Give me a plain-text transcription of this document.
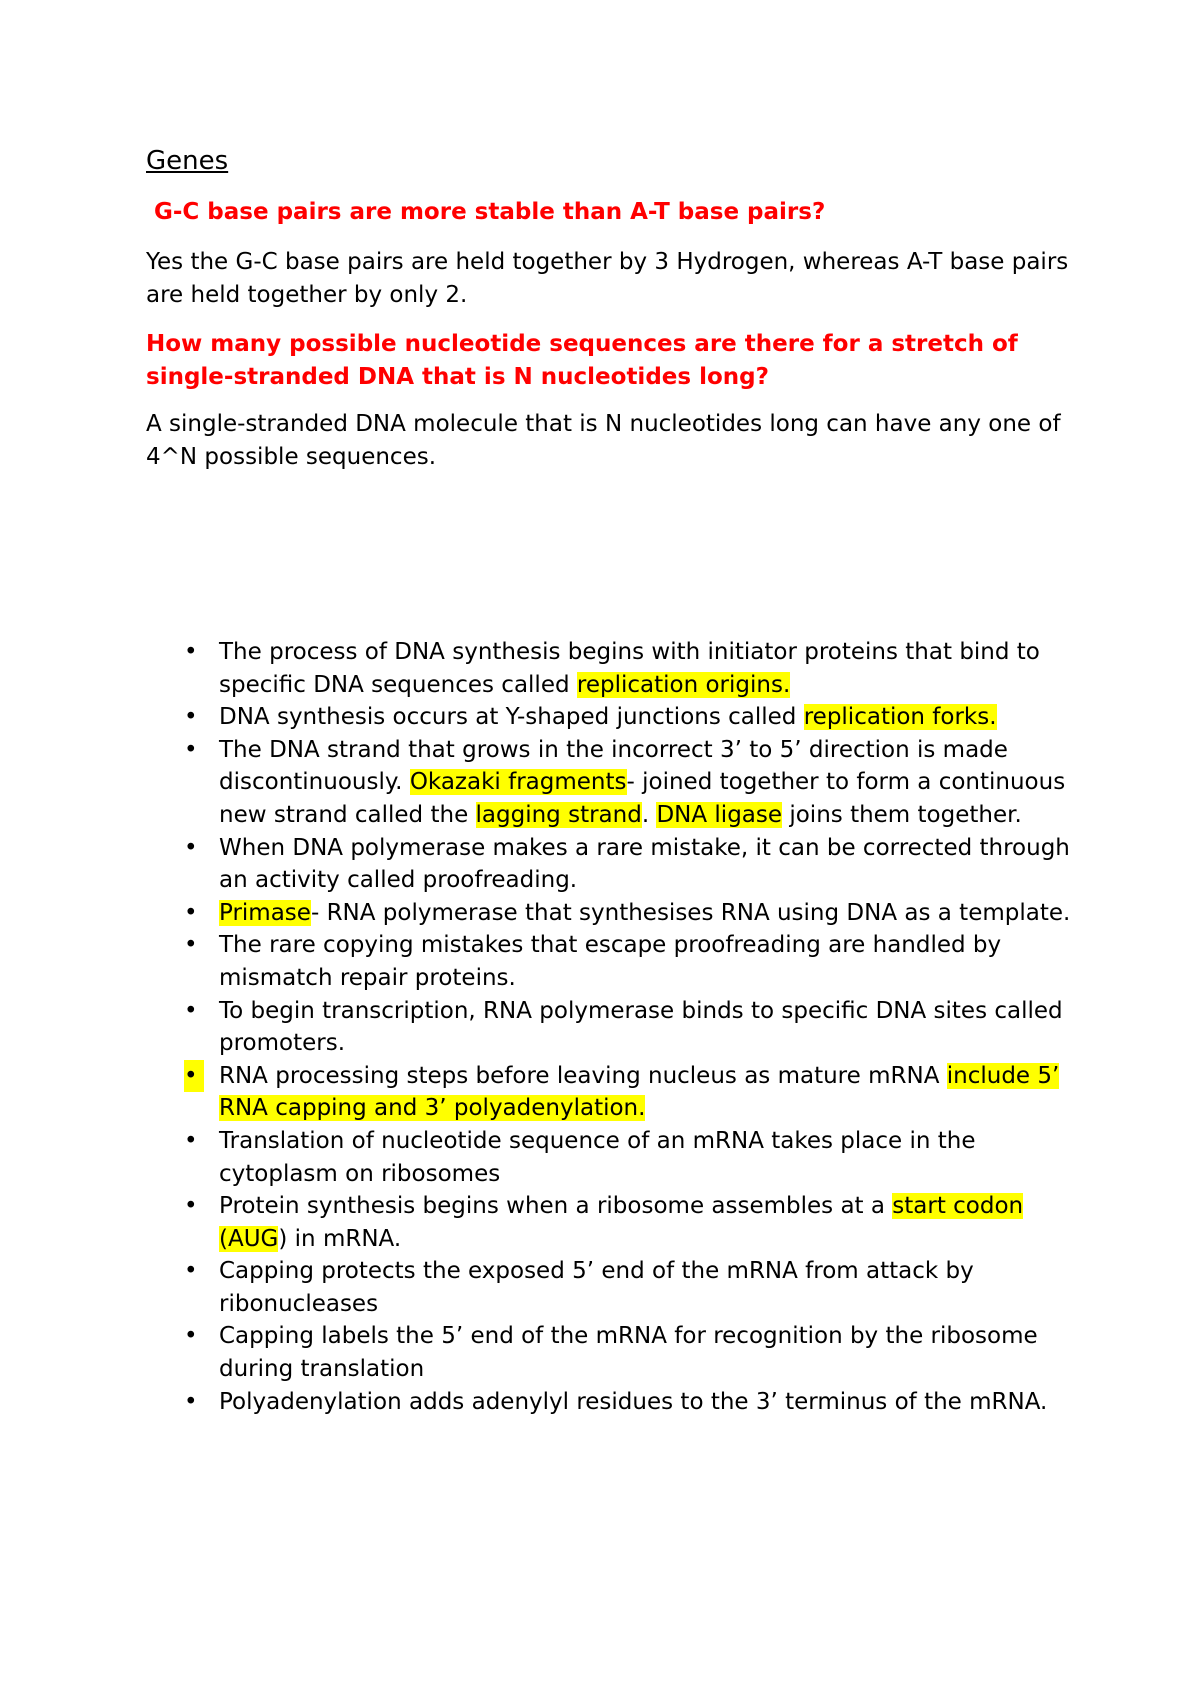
Genes

G-C base pairs are more stable than A-T base pairs?

Yes the G-C base pairs are held together by 3 Hydrogen, whereas A-T base pairs are held together by only 2.

How many possible nucleotide sequences are there for a stretch of single-stranded DNA that is N nucleotides long?

A single-stranded DNA molecule that is N nucleotides long can have any one of 4^N possible sequences.

• The process of DNA synthesis begins with initiator proteins that bind to specific DNA sequences called replication origins.
• DNA synthesis occurs at Y-shaped junctions called replication forks.
• The DNA strand that grows in the incorrect 3’ to 5’ direction is made discontinuously. Okazaki fragments- joined together to form a continuous new strand called the lagging strand. DNA ligase joins them together.
• When DNA polymerase makes a rare mistake, it can be corrected through an activity called proofreading.
• Primase- RNA polymerase that synthesises RNA using DNA as a template.
• The rare copying mistakes that escape proofreading are handled by mismatch repair proteins.
• To begin transcription, RNA polymerase binds to specific DNA sites called promoters.
• RNA processing steps before leaving nucleus as mature mRNA include 5’ RNA capping and 3’ polyadenylation.
• Translation of nucleotide sequence of an mRNA takes place in the cytoplasm on ribosomes
• Protein synthesis begins when a ribosome assembles at a start codon (AUG) in mRNA.
• Capping protects the exposed 5’ end of the mRNA from attack by ribonucleases
• Capping labels the 5’ end of the mRNA for recognition by the ribosome during translation
• Polyadenylation adds adenylyl residues to the 3’ terminus of the mRNA.
